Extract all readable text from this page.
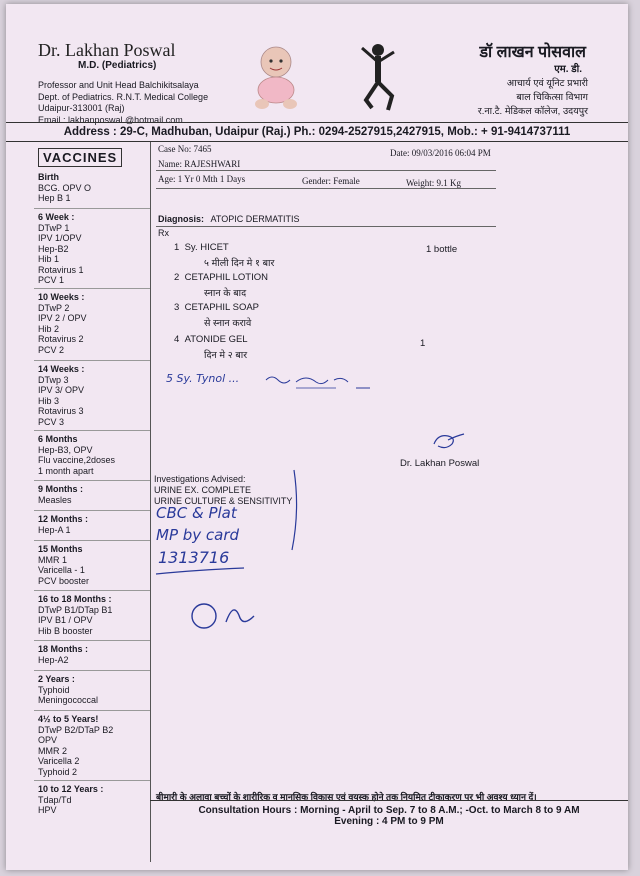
Dr. Lakhan Poswal
M.D. (Pediatrics)
Professor and Unit Head Balchikitsalaya
Dept. of Pediatrics. R.N.T. Medical College
Udaipur-313001 (Raj)
Email : lakhanposwal @hotmail.com
डॉ लाखन पोसवाल
एम. डी.
आचार्य एवं यूनिट प्रभारी
बाल चिकित्सा विभाग
र.ना.टै. मेडिकल कॉलेज, उदयपुर
Address : 29-C, Madhuban, Udaipur (Raj.) Ph.: 0294-2527915,2427915, Mob.: + 91-9414737111
VACCINES
Birth
BCG. OPV O
Hep B 1
6 Week :
DTwP 1
IPV 1/OPV
Hep-B2
Hib 1
Rotavirus 1
PCV 1
10 Weeks :
DTwP 2
IPV 2 / OPV
Hib 2
Rotavirus 2
PCV 2
14 Weeks :
DTwp 3
IPV 3/ OPV
Hib 3
Rotavirus 3
PCV 3
6 Months
Hep-B3, OPV
Flu vaccine,2doses
1 month apart
9 Months :
Measles
12 Months :
Hep-A 1
15 Months
MMR 1
Varicella - 1
PCV booster
16 to 18 Months :
DTwP B1/DTap B1
IPV B1 / OPV
Hib B booster
18 Months :
Hep-A2
2 Years :
Typhoid
Meningococcal
4½ to 5 Years!
DTwP B2/DTaP B2
OPV
MMR 2
Varicella 2
Typhoid 2
10 to 12 Years :
Tdap/Td
HPV
Case No: 7465	Date: 09/03/2016 06:04 PM
Name: RAJESHWARI
Age: 1 Yr 0 Mth 1 Days	Gender: Female	Weight: 9.1 Kg
Diagnosis: ATOPIC DERMATITIS
Rx
1 Sy. HICET
५ मीली दिन मे १ बार
1 bottle
2 CETAPHIL LOTION
स्नान के बाद
3 CETAPHIL SOAP
से स्नान करावे
4 ATONIDE GEL
दिन मे २ बार
1
5 Sy. Tynol ...
Dr. Lakhan Poswal
Investigations Advised:
URINE EX. COMPLETE
URINE CULTURE & SENSITIVITY
CBC & Plat
MP by card
1313716
बीमारी के अलावा बच्चों के शारीरिक व मानसिक विकास एवं वयस्क होने तक नियमित टीकाकरण पर भी अवश्य ध्यान दें।
Consultation Hours : Morning - April to Sep. 7 to 8 A.M.; -Oct. to March 8 to 9 AM
Evening : 4 PM to 9 PM
